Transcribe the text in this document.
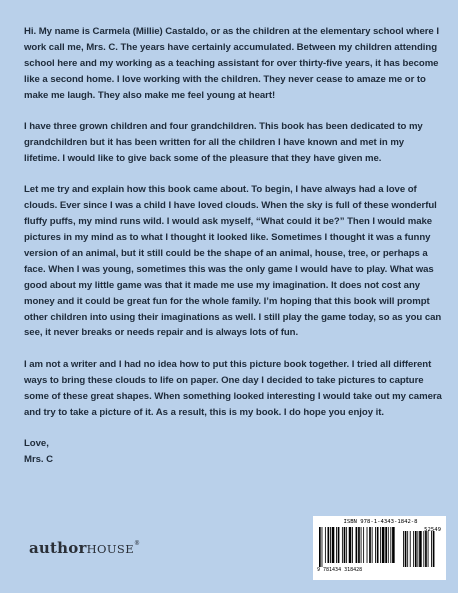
Hi. My name is Carmela (Millie) Castaldo, or as the children at the elementary school where I work call me, Mrs. C. The years have certainly accumulated. Between my children attending school here and my working as a teaching assistant for over thirty-five years, it has become like a second home. I love working with the children. They never cease to amaze me or to make me laugh. They also make me feel young at heart!

I have three grown children and four grandchildren. This book has been dedicated to my grandchildren but it has been written for all the children I have known and met in my lifetime. I would like to give back some of the pleasure that they have given me.

Let me try and explain how this book came about. To begin, I have always had a love of clouds. Ever since I was a child I have loved clouds. When the sky is full of these wonderful fluffy puffs, my mind runs wild. I would ask myself, “What could it be?” Then I would make pictures in my mind as to what I thought it looked like. Sometimes I thought it was a funny version of an animal, but it still could be the shape of an animal, house, tree, or perhaps a face. When I was young, sometimes this was the only game I would have to play. What was good about my little game was that it made me use my imagination. It does not cost any money and it could be great fun for the whole family. I’m hoping that this book will prompt other children into using their imaginations as well. I still play the game today, so as you can see, it never breaks or needs repair and is always lots of fun.

I am not a writer and I had no idea how to put this picture book together. I tried all different ways to bring these clouds to life on paper. One day I decided to take pictures to capture some of these great shapes. When something looked interesting I would take out my camera and try to take a picture of it. As a result, this is my book. I do hope you enjoy it.

Love,

Mrs. C

authorHOUSE®
ISBN 978-1-4343-1842-8
52549
9 781434 318428
